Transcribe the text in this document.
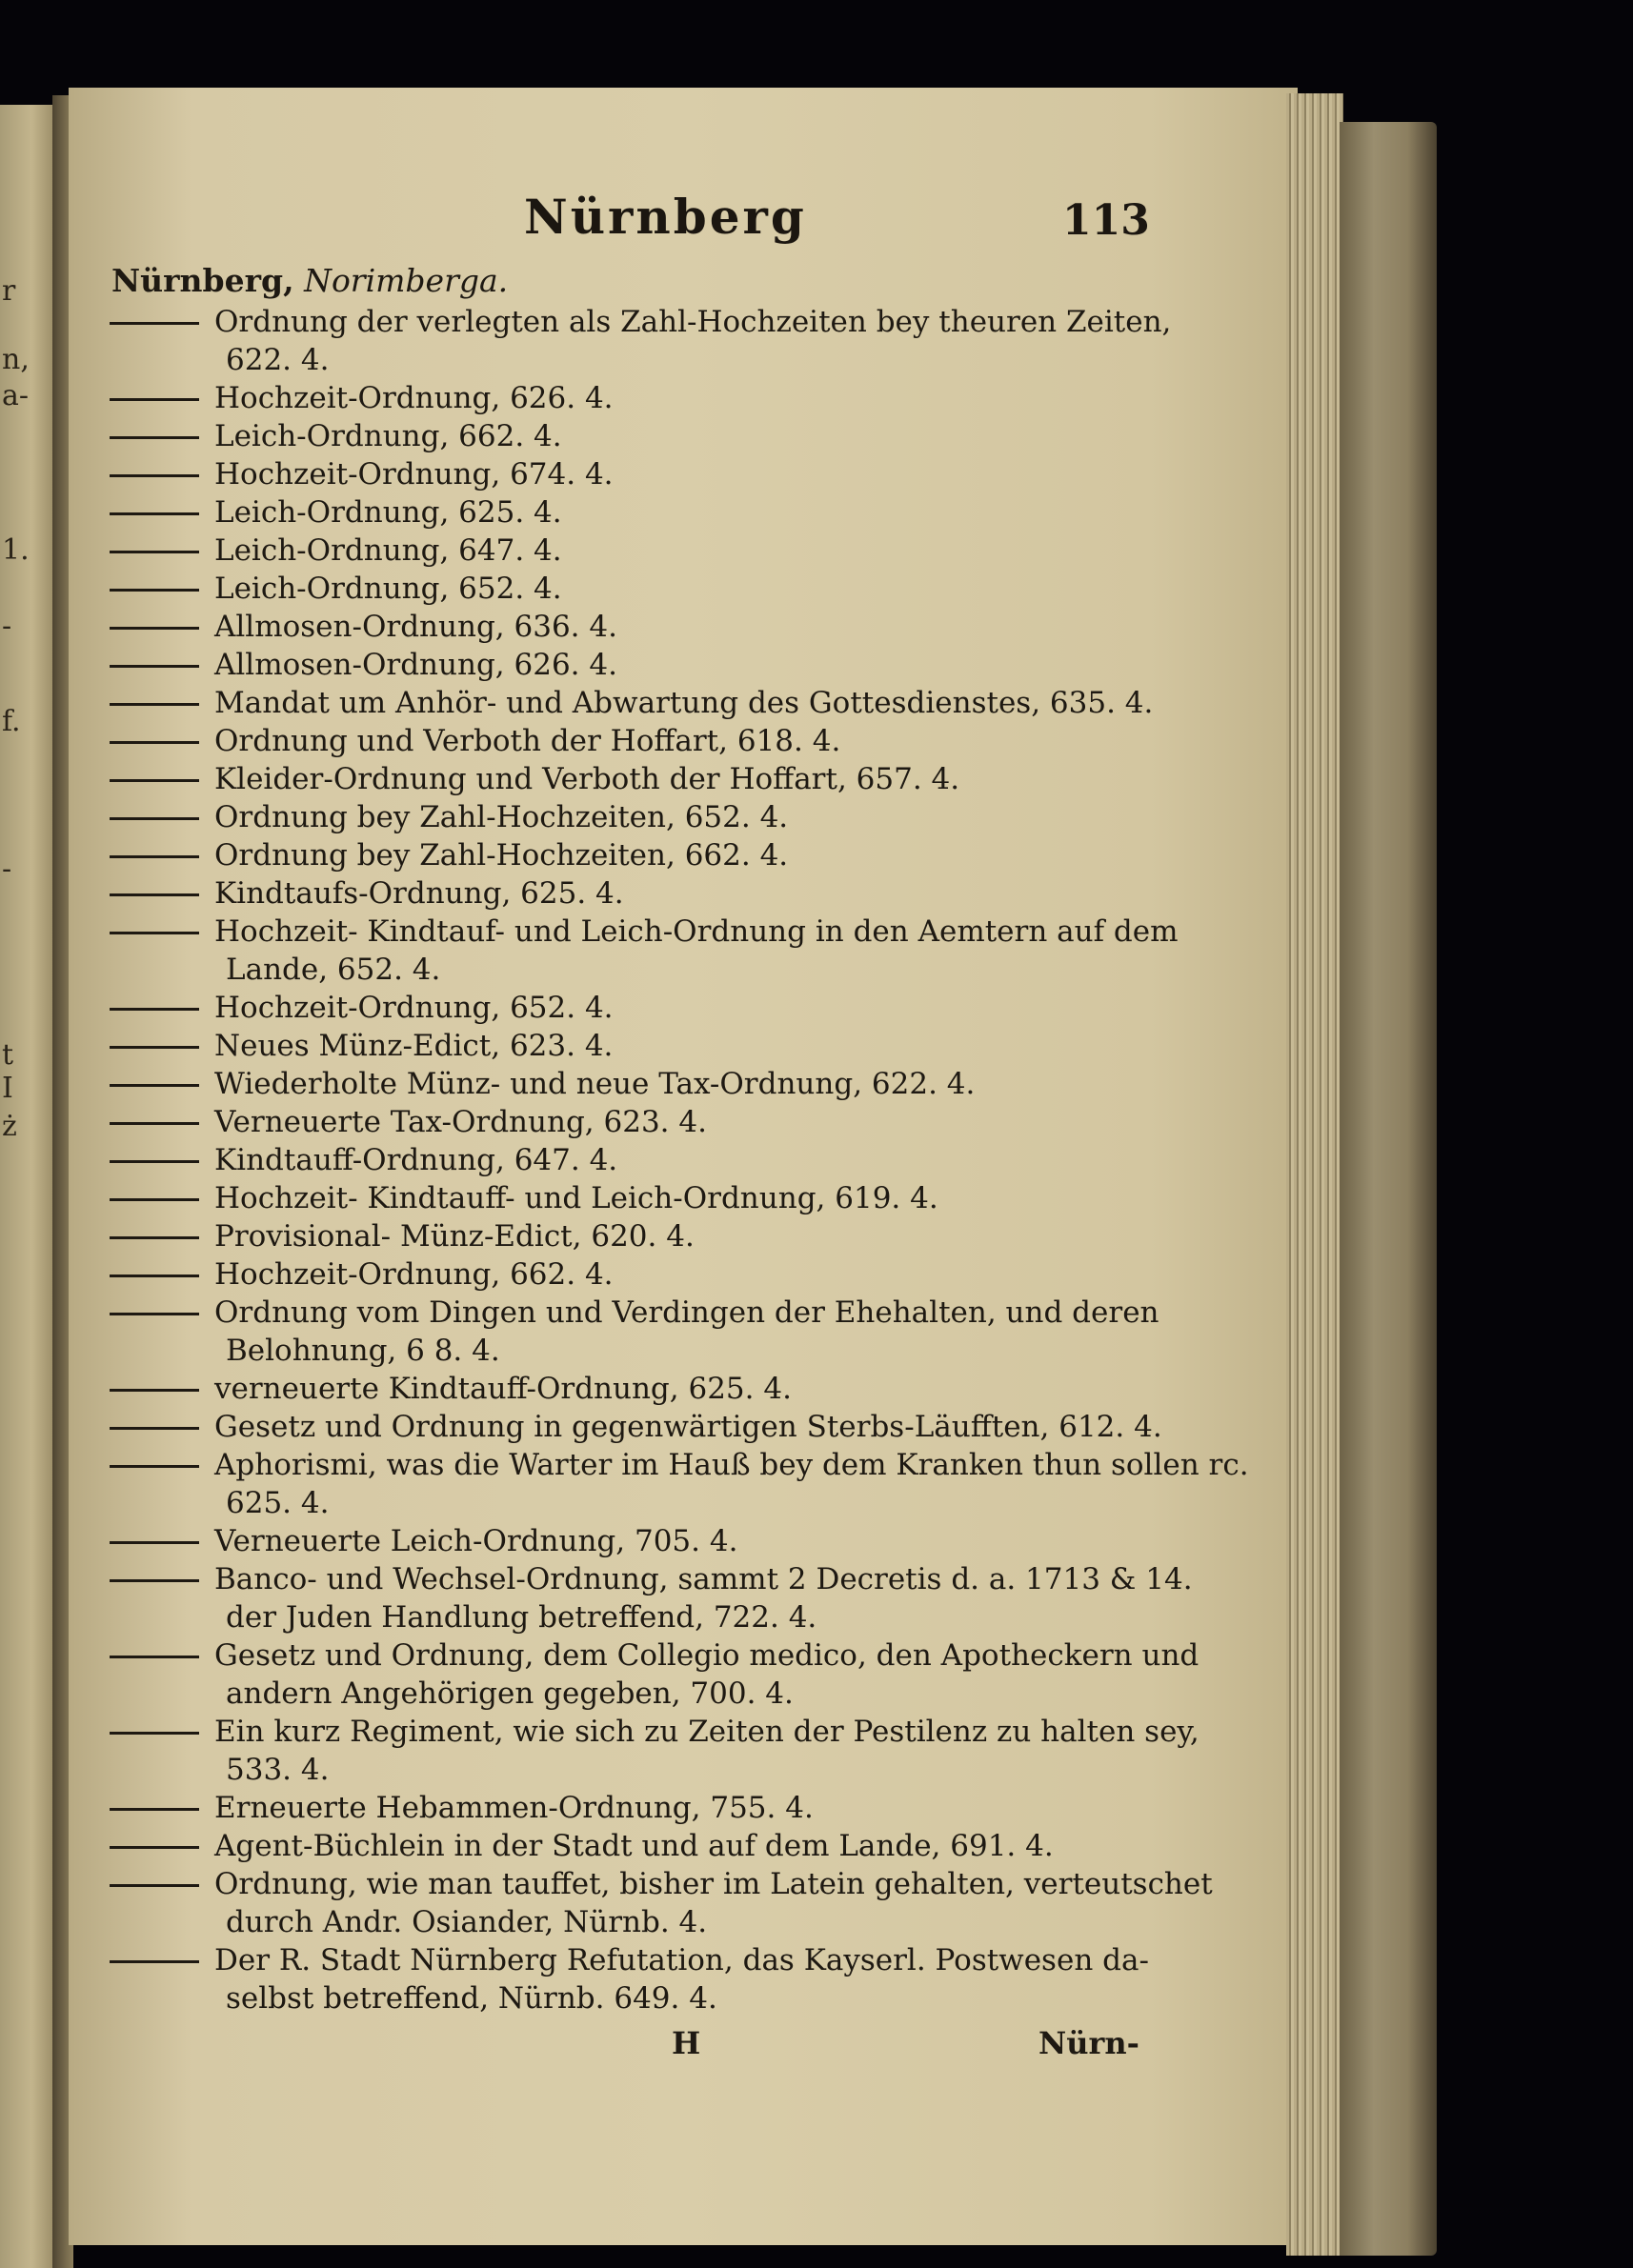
r
n,
a-
1.
-
f.
-
t
I
ż
Nürnberg	113
Nürnberg, Norimberga.
Ordnung der verlegten als Zahl-Hochzeiten bey theuren Zeiten,
622. 4.
Hochzeit-Ordnung, 626. 4.
Leich-Ordnung, 662. 4.
Hochzeit-Ordnung, 674. 4.
Leich-Ordnung, 625. 4.
Leich-Ordnung, 647. 4.
Leich-Ordnung, 652. 4.
Allmosen-Ordnung, 636. 4.
Allmosen-Ordnung, 626. 4.
Mandat um Anhör- und Abwartung des Gottesdienstes, 635. 4.
Ordnung und Verboth der Hoffart, 618. 4.
Kleider-Ordnung und Verboth der Hoffart, 657. 4.
Ordnung bey Zahl-Hochzeiten, 652. 4.
Ordnung bey Zahl-Hochzeiten, 662. 4.
Kindtaufs-Ordnung, 625. 4.
Hochzeit- Kindtauf- und Leich-Ordnung in den Aemtern auf dem
Lande, 652. 4.
Hochzeit-Ordnung, 652. 4.
Neues Münz-Edict, 623. 4.
Wiederholte Münz- und neue Tax-Ordnung, 622. 4.
Verneuerte Tax-Ordnung, 623. 4.
Kindtauff-Ordnung, 647. 4.
Hochzeit- Kindtauff- und Leich-Ordnung, 619. 4.
Provisional- Münz-Edict, 620. 4.
Hochzeit-Ordnung, 662. 4.
Ordnung vom Dingen und Verdingen der Ehehalten, und deren
Belohnung, 6 8. 4.
verneuerte Kindtauff-Ordnung, 625. 4.
Gesetz und Ordnung in gegenwärtigen Sterbs-Läufften, 612. 4.
Aphorismi, was die Warter im Hauß bey dem Kranken thun sollen rc.
625. 4.
Verneuerte Leich-Ordnung, 705. 4.
Banco- und Wechsel-Ordnung, sammt 2 Decretis d. a. 1713 & 14.
der Juden Handlung betreffend, 722. 4.
Gesetz und Ordnung, dem Collegio medico, den Apotheckern und
andern Angehörigen gegeben, 700. 4.
Ein kurz Regiment, wie sich zu Zeiten der Pestilenz zu halten sey,
533. 4.
Erneuerte Hebammen-Ordnung, 755. 4.
Agent-Büchlein in der Stadt und auf dem Lande, 691. 4.
Ordnung, wie man tauffet, bisher im Latein gehalten, verteutschet
durch Andr. Osiander, Nürnb. 4.
Der R. Stadt Nürnberg Refutation, das Kayserl. Postwesen da-
selbst betreffend, Nürnb. 649. 4.
H	Nürn-
